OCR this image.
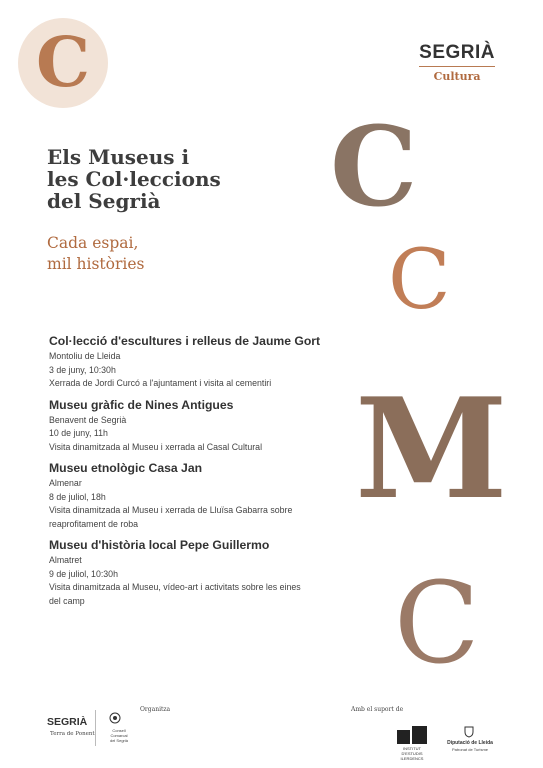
C	SEGRIÀ
Cultura
Els Museus i
les Col·leccions
del Segrià
Cada espai,
mil històries
C
C
M
C
Col·lecció d'escultures i relleus de Jaume Gort
Montoliu de Lleida
3 de juny, 10:30h
Xerrada de Jordi Curcó a l'ajuntament i visita al cementiri
Museu gràfic de Nines Antigues
Benavent de Segrià
10 de juny, 11h
Visita dinamitzada al Museu i xerrada al Casal Cultural
Museu etnològic Casa Jan
Almenar
8 de juliol, 18h
Visita dinamitzada al Museu i xerrada de Lluïsa Gabarra sobre
reaprofitament de roba
Museu d'història local Pepe Guillermo
Almatret
9 de juliol, 10:30h
Visita dinamitzada al Museu, vídeo-art i activitats sobre les eines
del camp
SEGRIÀ
Terra de Ponent
Consell Comarcal
del Segrià
Organitza	Amb el suport de
INSTITUT
D'ESTUDIS
ILERDENCS
Diputació de Lleida
Patronat de Turisme
